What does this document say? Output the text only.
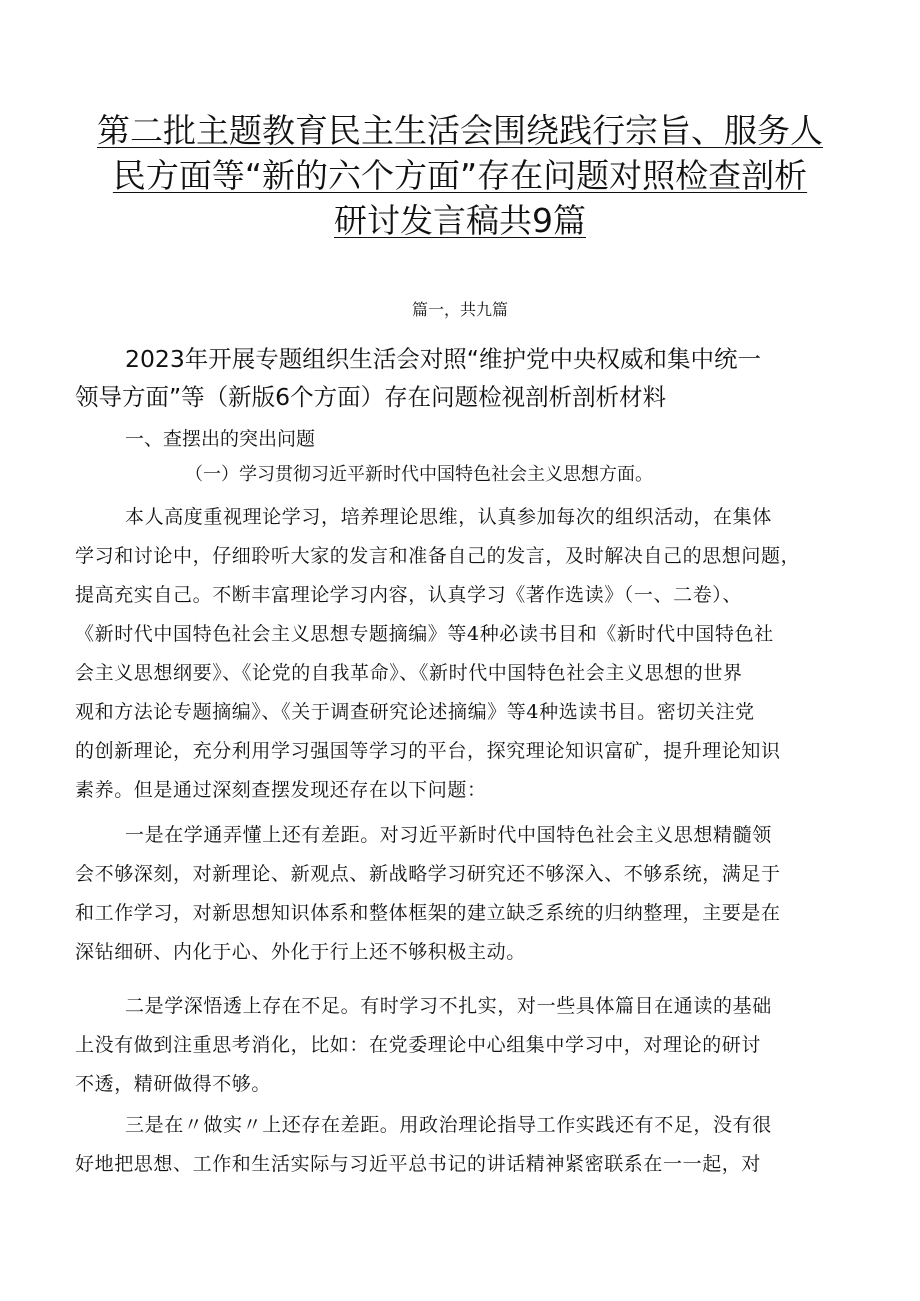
第二批主题教育民主生活会围绕践行宗旨、服务人
民方面等“新的六个方面”存在问题对照检查剖析
研讨发言稿共9篇

篇一，共九篇

2023年开展专题组织生活会对照“维护党中央权威和集中统一
领导方面”等（新版6个方面）存在问题检视剖析剖析材料
一、查摆出的突出问题

（一）学习贯彻习近平新时代中国特色社会主义思想方面。

本人高度重视理论学习，培养理论思维，认真参加每次的组织活动，在集体
学习和讨论中，仔细聆听大家的发言和准备自己的发言，及时解决自己的思想问题，
提高充实自己。不断丰富理论学习内容，认真学习《著作选读》（一、二卷）、
《新时代中国特色社会主义思想专题摘编》等4种必读书目和《新时代中国特色社
会主义思想纲要》、《论党的自我革命》、《新时代中国特色社会主义思想的世界
观和方法论专题摘编》、《关于调查研究论述摘编》等4种选读书目。密切关注党
的创新理论，充分利用学习强国等学习的平台，探究理论知识富矿，提升理论知识
素养。但是通过深刻查摆发现还存在以下问题：
一是在学通弄懂上还有差距。对习近平新时代中国特色社会主义思想精髓领
会不够深刻，对新理论、新观点、新战略学习研究还不够深入、不够系统，满足于
和工作学习，对新思想知识体系和整体框架的建立缺乏系统的归纳整理，主要是在
深钻细研、内化于心、外化于行上还不够积极主动。
二是学深悟透上存在不足。有时学习不扎实，对一些具体篇目在通读的基础
上没有做到注重思考消化，比如：在党委理论中心组集中学习中，对理论的研讨
不透，精研做得不够。
三是在〃做实〃上还存在差距。用政治理论指导工作实践还有不足，没有很
好地把思想、工作和生活实际与习近平总书记的讲话精神紧密联系在一一起，对
